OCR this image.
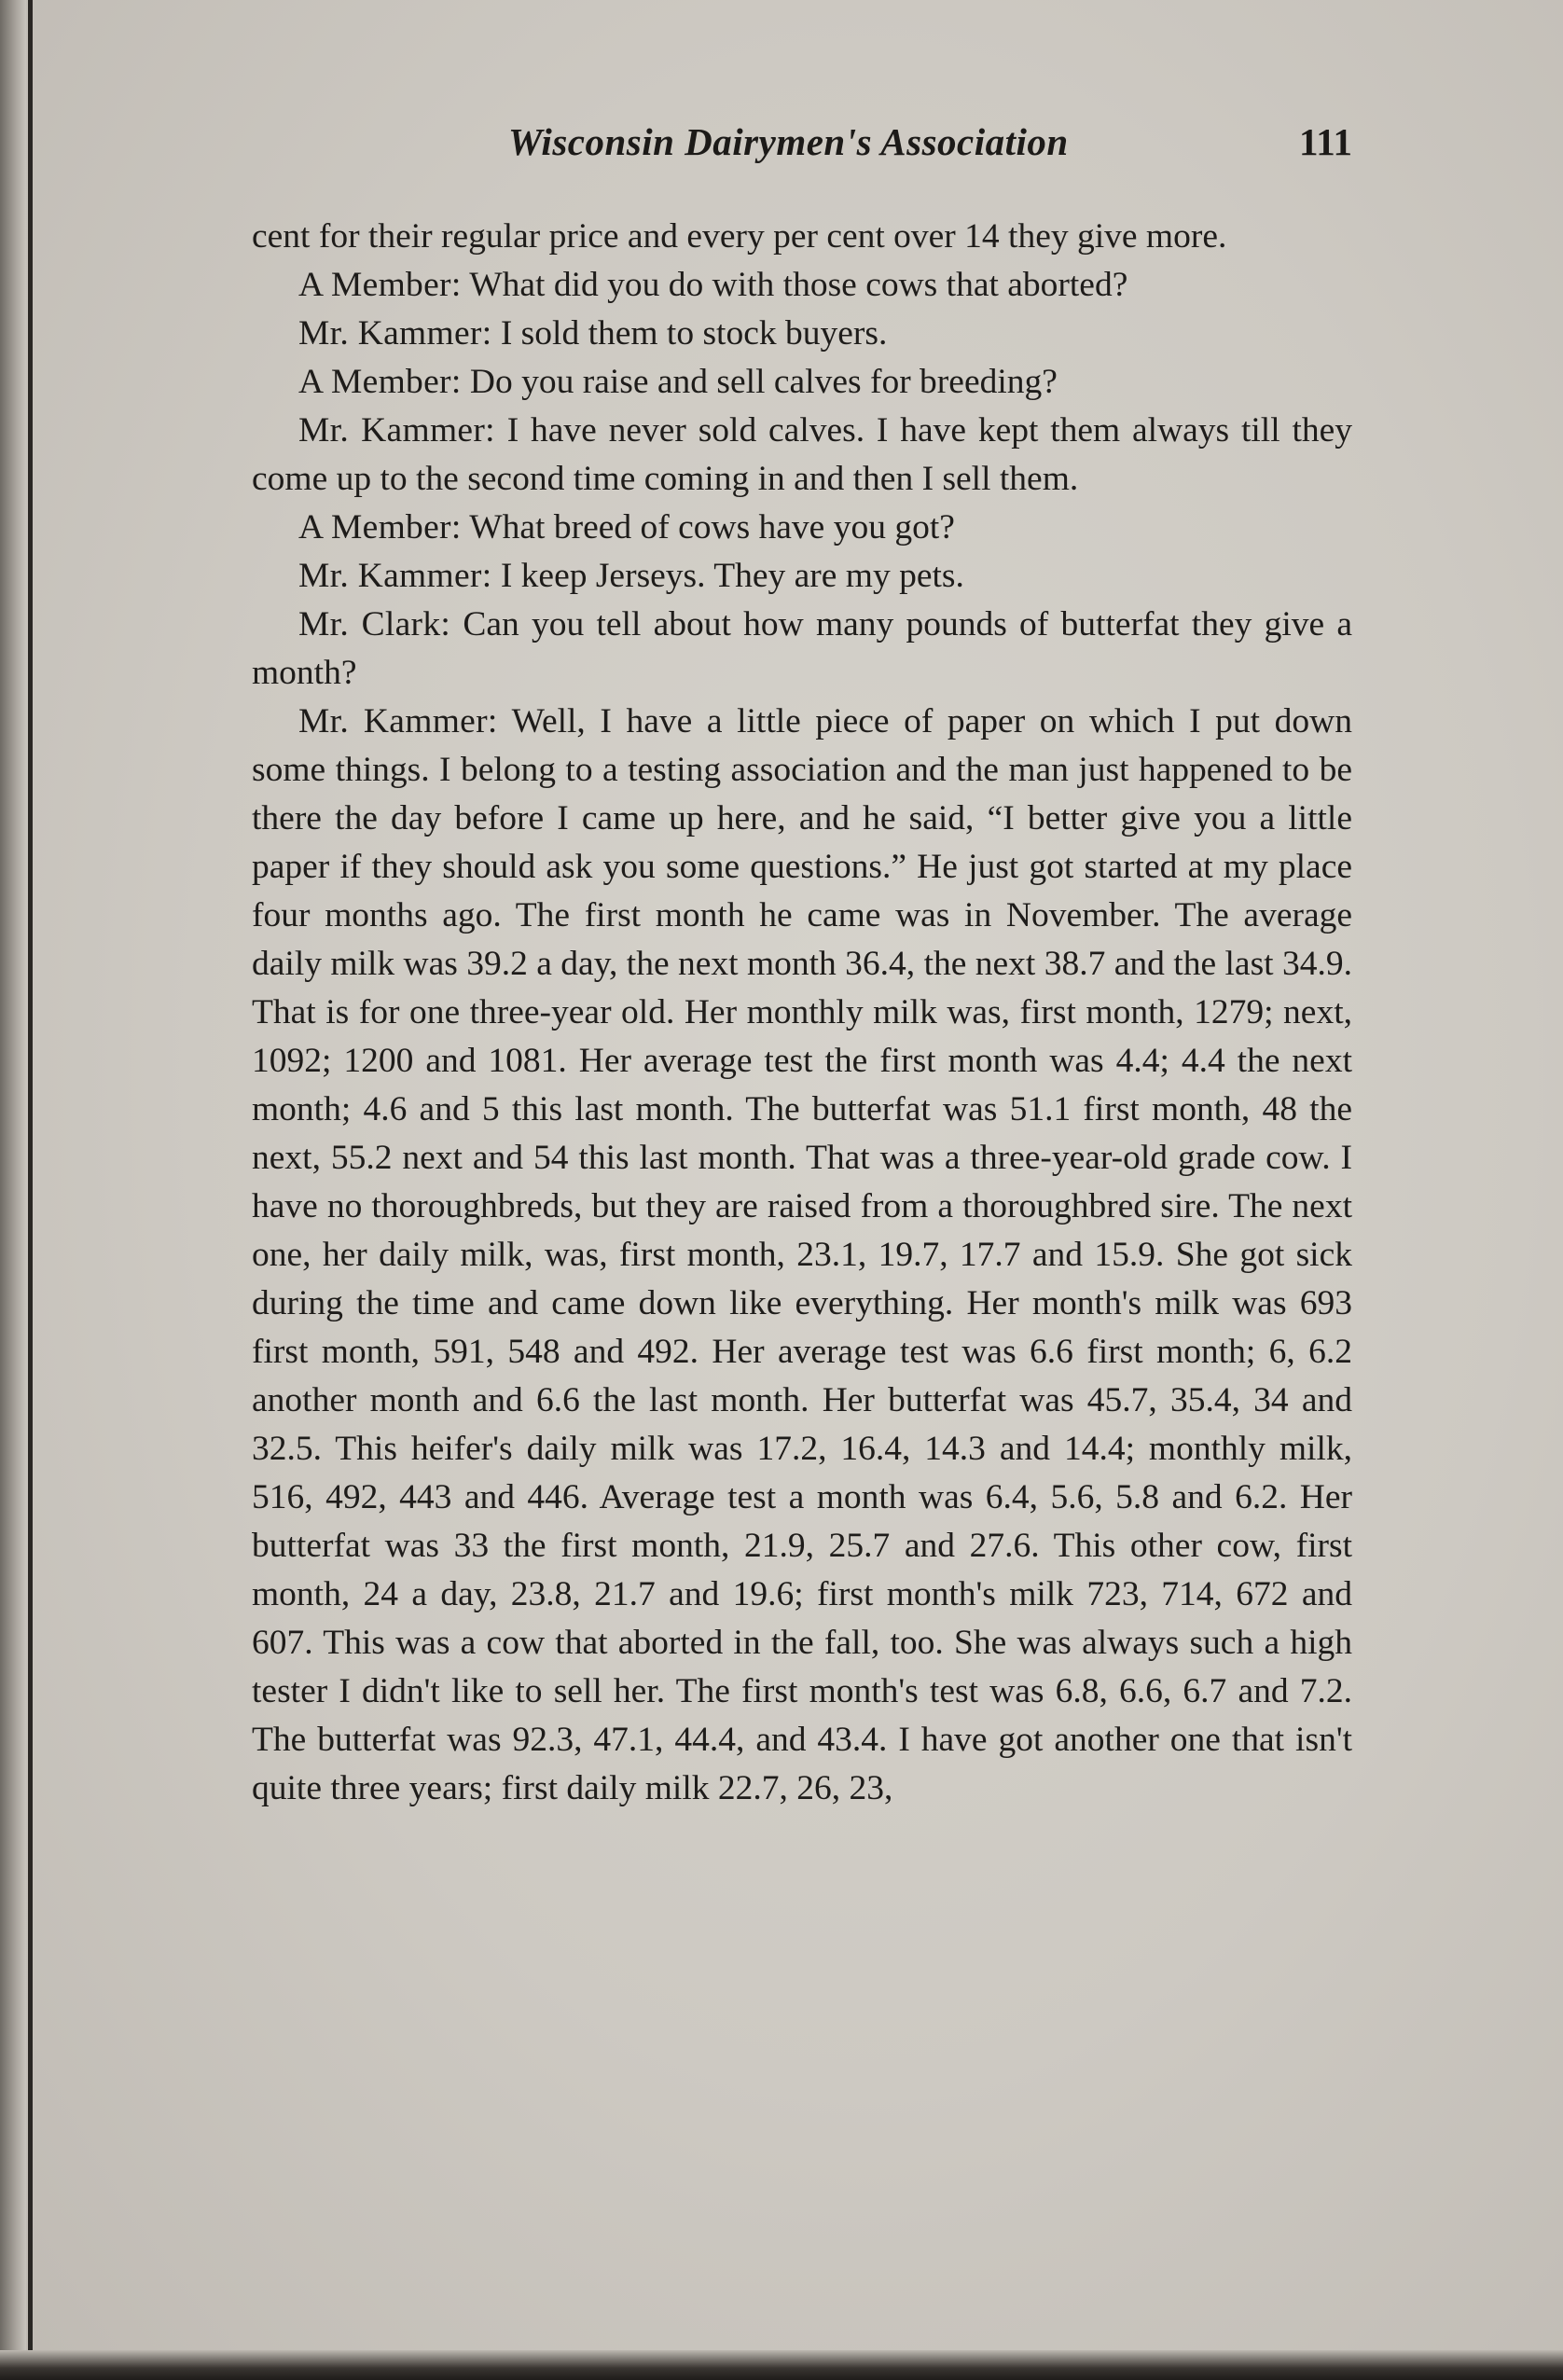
Wisconsin Dairymen's Association	111

cent for their regular price and every per cent over 14 they give more.

A Member: What did you do with those cows that aborted?

Mr. Kammer: I sold them to stock buyers.

A Member: Do you raise and sell calves for breeding?

Mr. Kammer: I have never sold calves. I have kept them always till they come up to the second time coming in and then I sell them.

A Member: What breed of cows have you got?

Mr. Kammer: I keep Jerseys. They are my pets.

Mr. Clark: Can you tell about how many pounds of butterfat they give a month?

Mr. Kammer: Well, I have a little piece of paper on which I put down some things. I belong to a testing association and the man just happened to be there the day before I came up here, and he said, “I better give you a little paper if they should ask you some questions.” He just got started at my place four months ago. The first month he came was in November. The average daily milk was 39.2 a day, the next month 36.4, the next 38.7 and the last 34.9. That is for one three-year old. Her monthly milk was, first month, 1279; next, 1092; 1200 and 1081. Her average test the first month was 4.4; 4.4 the next month; 4.6 and 5 this last month. The butterfat was 51.1 first month, 48 the next, 55.2 next and 54 this last month. That was a three-year-old grade cow. I have no thoroughbreds, but they are raised from a thoroughbred sire. The next one, her daily milk, was, first month, 23.1, 19.7, 17.7 and 15.9. She got sick during the time and came down like everything. Her month's milk was 693 first month, 591, 548 and 492. Her average test was 6.6 first month; 6, 6.2 another month and 6.6 the last month. Her butterfat was 45.7, 35.4, 34 and 32.5. This heifer's daily milk was 17.2, 16.4, 14.3 and 14.4; monthly milk, 516, 492, 443 and 446. Average test a month was 6.4, 5.6, 5.8 and 6.2. Her butterfat was 33 the first month, 21.9, 25.7 and 27.6. This other cow, first month, 24 a day, 23.8, 21.7 and 19.6; first month's milk 723, 714, 672 and 607. This was a cow that aborted in the fall, too. She was always such a high tester I didn't like to sell her. The first month's test was 6.8, 6.6, 6.7 and 7.2. The butterfat was 92.3, 47.1, 44.4, and 43.4. I have got another one that isn't quite three years; first daily milk 22.7, 26, 23,
